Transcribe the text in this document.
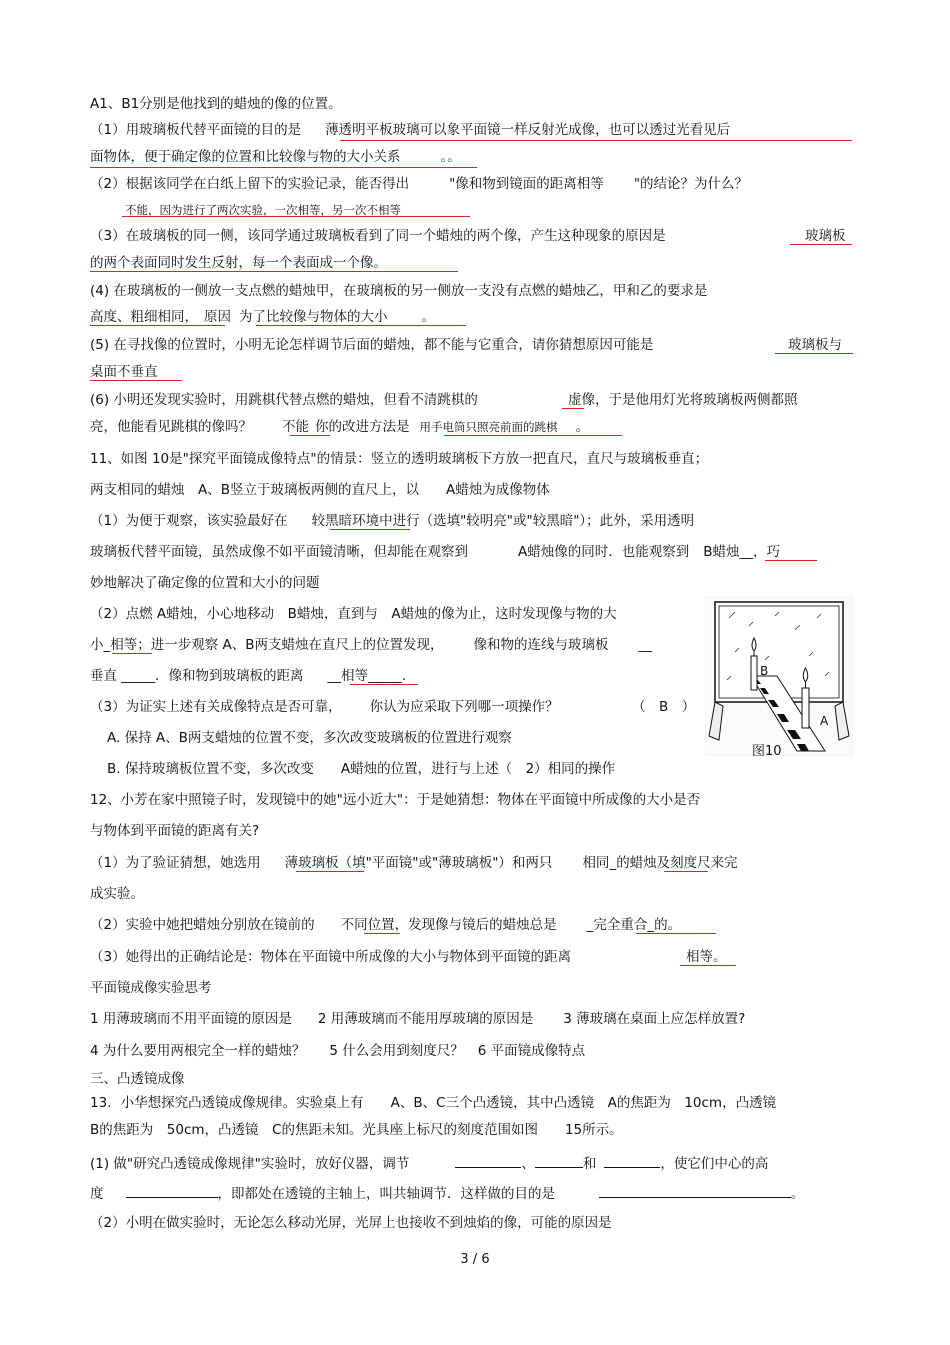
A1、B1分别是他找到的蜡烛的像的位置。
（1）用玻璃板代替平面镜的目的是 薄透明平板玻璃可以象平面镜一样反射光成像，也可以透过光看见后
面物体，便于确定像的位置和比较像与物的大小关系	。。
（2）根据该同学在白纸上留下的实验记录，能否得出	"像和物到镜面的距离相等 "的结论？为什么？
不能，因为进行了两次实验，一次相等，另一次不相等
（3）在玻璃板的同一侧，该同学通过玻璃板看到了同一个蜡烛的两个像，产生这种现象的原因是	玻璃板
的两个表面同时发生反射，每一个表面成一个像。
(4) 在玻璃板的一侧放一支点燃的蜡烛甲，在玻璃板的另一侧放一支没有点燃的蜡烛乙，甲和乙的要求是
高度、粗细相同， 原因 为了比较像与物体的大小	。
(5) 在寻找像的位置时，小明无论怎样调节后面的蜡烛，都不能与它重合，请你猜想原因可能是	玻璃板与
桌面不垂直
(6) 小明还发现实验时，用跳棋代替点燃的蜡烛，但看不清跳棋的	虚像，于是他用灯光将玻璃板两侧都照
亮，他能看见跳棋的像吗？ 不能 你的改进方法是 用手电筒只照亮前面的跳棋 。
11、如图 10是"探究平面镜成像特点"的情景：竖立的透明玻璃板下方放一把直尺，直尺与玻璃板垂直；
两支相同的蜡烛　A、B竖立于玻璃板两侧的直尺上，以　　A蜡烛为成像物体
（1）为便于观察，该实验最好在 较黑暗环境中进行（选填"较明亮"或"较黑暗"）；此外，采用透明
玻璃板代替平面镜，虽然成像不如平面镜清晰，但却能在观察到	A蜡烛像的同时．也能观察到 B蜡烛__，巧
妙地解决了确定像的位置和大小的问题
（2）点燃 A蜡烛，小心地移动　B蜡烛，直到与　A蜡烛的像为止，这时发现像与物的大
小_相等；进一步观察 A、B两支蜡烛在直尺上的位置发现， 像和物的连线与玻璃板 __
垂直 _____．像和物到玻璃板的距离 __相等_____.
（3）为证实上述有关成像特点是否可靠， 你认为应采取下列哪一项操作？	（　B　）
A. 保持 A、B两支蜡烛的位置不变，多次改变玻璃板的位置进行观察
B. 保持玻璃板位置不变，多次改变　　A蜡烛的位置，进行与上述（　2）相同的操作
B
A
图10
12、小芳在家中照镜子时，发现镜中的她"远小近大"：于是她猜想：物体在平面镜中所成像的大小是否
与物体到平面镜的距离有关?
（1）为了验证猜想，她选用 薄玻璃板（填"平面镜"或"薄玻璃板"）和两只 相同_的蜡烛及刻度尺来完
成实验。
（2）实验中她把蜡烛分别放在镜前的 不同位置，发现像与镜后的蜡烛总是 _完全重合_的。
（3）她得出的正确结论是：物体在平面镜中所成像的大小与物体到平面镜的距离	相等。
平面镜成像实验思考
1 用薄玻璃而不用平面镜的原因是 2 用薄玻璃而不能用厚玻璃的原因是 3 薄玻璃在桌面上应怎样放置?
4 为什么要用两根完全一样的蜡烛？ 5 什么会用到刻度尺？ 6 平面镜成像特点
三、凸透镜成像
13．小华想探究凸透镜成像规律。实验桌上有　　A、B、C三个凸透镜，其中凸透镜　A的焦距为　10cm，凸透镜
B的焦距为　50cm，凸透镜　C的焦距未知。光具座上标尺的刻度范围如图　　15所示。
(1) 做"研究凸透镜成像规律"实验时，放好仪器，调节	、	和	，使它们中心的高
度	，即都处在透镜的主轴上，叫共轴调节．这样做的目的是	。
（2）小明在做实验时，无论怎么移动光屏，光屏上也接收不到烛焰的像，可能的原因是
3 / 6
